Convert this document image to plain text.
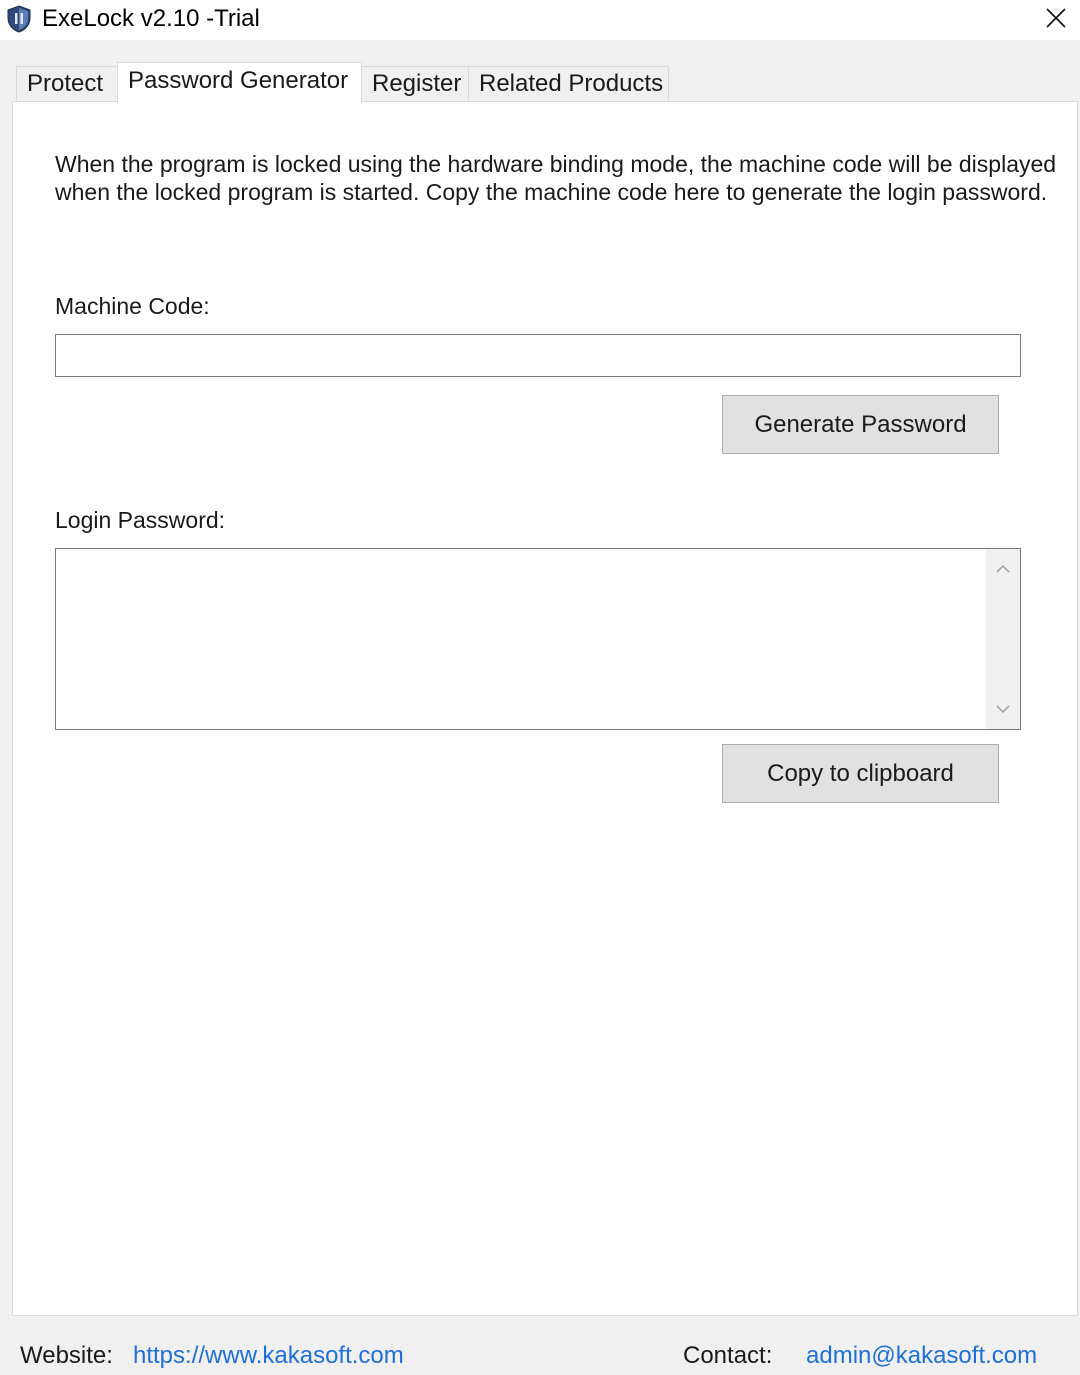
ExeLock v2.10 -Trial
Protect	Password Generator Register Related Products
When the program is locked using the hardware binding mode, the machine code will be displayed when the locked program is started. Copy the machine code here to generate the login password.
Machine Code:
Generate Password
Login Password:
Copy to clipboard
Website: https://www.kakasoft.com	Contact: admin@kakasoft.com
